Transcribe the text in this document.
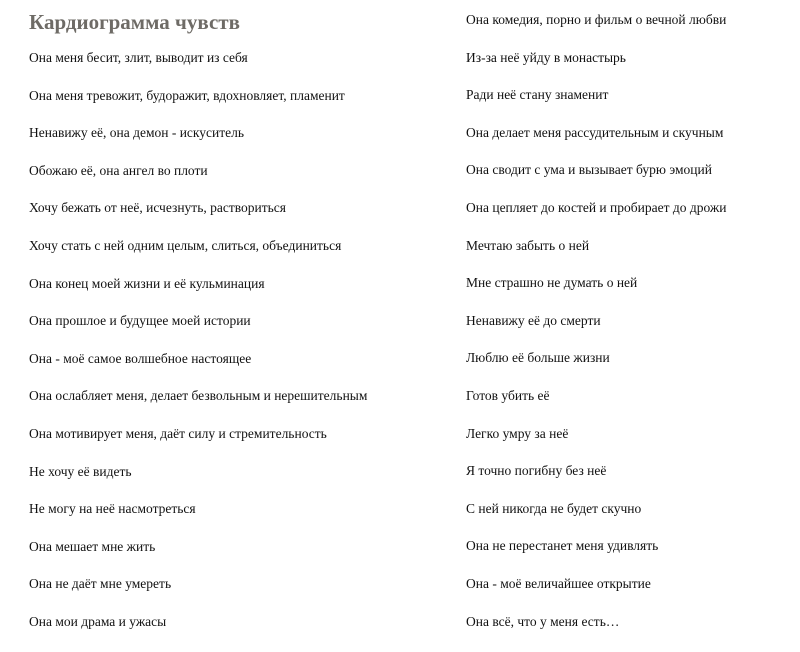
Кардиограмма чувств
Она меня бесит, злит, выводит из себя
Она меня тревожит, будоражит, вдохновляет, пламенит
Ненавижу её, она демон - искуситель
Обожаю её, она ангел во плоти
Хочу бежать от неё, исчезнуть, раствориться
Хочу стать с ней одним целым, слиться, объединиться
Она конец моей жизни и её кульминация
Она прошлое и будущее моей истории
Она - моё самое волшебное настоящее
Она ослабляет меня, делает безвольным и нерешительным
Она мотивирует меня, даёт силу и стремительность
Не хочу её видеть
Не могу на неё насмотреться
Она мешает мне жить
Она не даёт мне умереть
Она мои драма и ужасы
Она комедия, порно и фильм о вечной любви
Из-за неё уйду в монастырь
Ради неё стану знаменит
Она делает меня рассудительным и скучным
Она сводит с ума и вызывает бурю эмоций
Она цепляет до костей и пробирает до дрожи
Мечтаю забыть о ней
Мне страшно не думать о ней
Ненавижу её до смерти
Люблю её больше жизни
Готов убить её
Легко умру за неё
Я точно погибну без неё
С ней никогда не будет скучно
Она не перестанет меня удивлять
Она - моё величайшее открытие
Она всё, что у меня есть…
